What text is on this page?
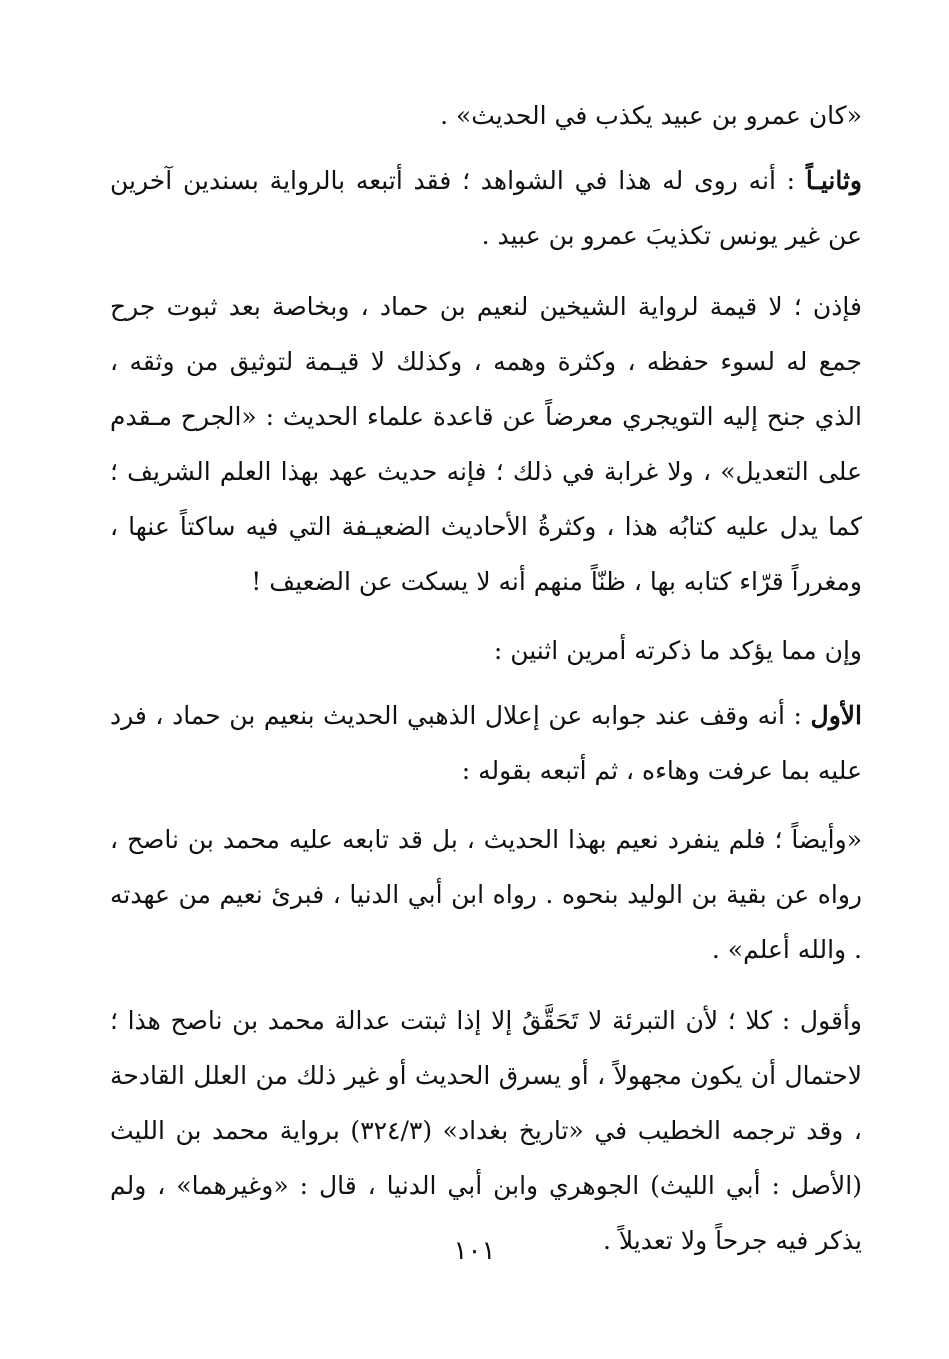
«كان عمرو بن عبيد يكذب في الحديث» .

وثانيـاً : أنه روى له هذا في الشواهد ؛ فقد أتبعه بالرواية بسندين آخرين عن غير يونس تكذيبَ عمرو بن عبيد .

فإذن ؛ لا قيمة لرواية الشيخين لنعيم بن حماد ، وبخاصة بعد ثبوت جرح جمع له لسوء حفظه ، وكثرة وهمه ، وكذلك لا قيـمة لتوثيق من وثقه ، الذي جنح إليه التويجري معرضاً عن قاعدة علماء الحديث : «الجرح مـقدم على التعديل» ، ولا غرابة في ذلك ؛ فإنه حديث عهد بهذا العلم الشريف ؛ كما يدل عليه كتابُه هذا ، وكثرةُ الأحاديث الضعيـفة التي فيه ساكتاً عنها ، ومغرراً قرّاء كتابه بها ، ظنّاً منهم أنه لا يسكت عن الضعيف !

وإن مما يؤكد ما ذكرته أمرين اثنين :

الأول : أنه وقف عند جوابه عن إعلال الذهبي الحديث بنعيم بن حماد ، فرد عليه بما عرفت وهاءه ، ثم أتبعه بقوله :

«وأيضاً ؛ فلم ينفرد نعيم بهذا الحديث ، بل قد تابعه عليه محمد بن ناصح ، رواه عن بقية بن الوليد بنحوه . رواه ابن أبي الدنيا ، فبرئ نعيم من عهدته . والله أعلم» .

وأقول : كلا ؛ لأن التبرئة لا تَحَقَّقُ إلا إذا ثبتت عدالة محمد بن ناصح هذا ؛ لاحتمال أن يكون مجهولاً ، أو يسرق الحديث أو غير ذلك من العلل القادحة ، وقد ترجمه الخطيب في «تاريخ بغداد» (٣٢٤/٣) برواية محمد بن الليث (الأصل : أبي الليث) الجوهري وابن أبي الدنيا ، قال : «وغيرهما» ، ولم يذكر فيه جرحاً ولا تعديلاً .

١٠١
